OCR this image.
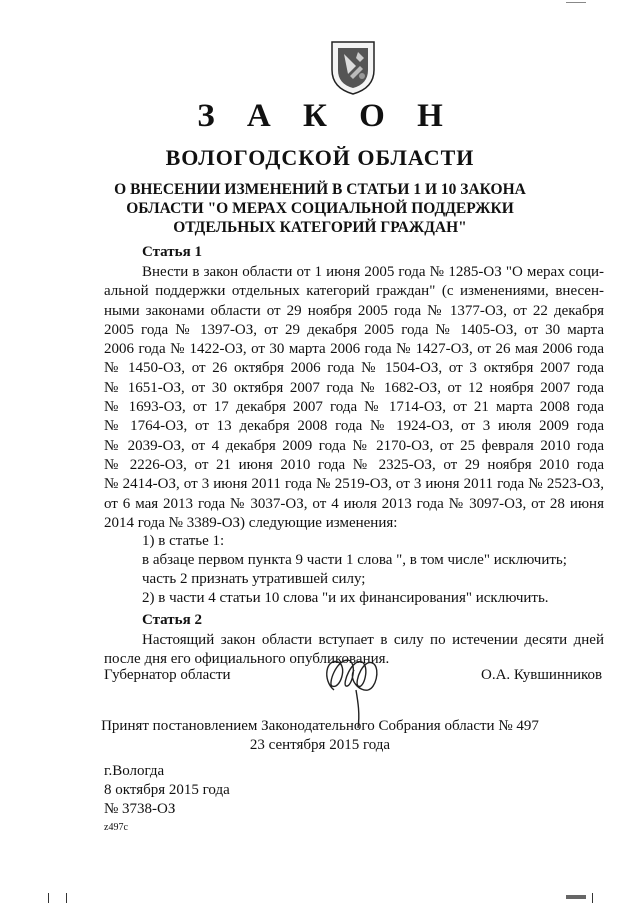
З А К О Н
ВОЛОГОДСКОЙ ОБЛАСТИ
О ВНЕСЕНИИ ИЗМЕНЕНИЙ В СТАТЬИ 1 И 10 ЗАКОНА
ОБЛАСТИ "О МЕРАХ СОЦИАЛЬНОЙ ПОДДЕРЖКИ
ОТДЕЛЬНЫХ КАТЕГОРИЙ ГРАЖДАН"
Статья 1
Внести в закон области от 1 июня 2005 года № 1285-ОЗ "О мерах соци-
альной поддержки отдельных категорий граждан" (с изменениями, внесен-
ными законами области от 29 ноября 2005 года № 1377-ОЗ, от 22 декабря
2005 года № 1397-ОЗ, от 29 декабря 2005 года № 1405-ОЗ, от 30 марта
2006 года № 1422-ОЗ, от 30 марта 2006 года № 1427-ОЗ, от 26 мая 2006 года
№ 1450-ОЗ, от 26 октября 2006 года № 1504-ОЗ, от 3 октября 2007 года
№ 1651-ОЗ, от 30 октября 2007 года № 1682-ОЗ, от 12 ноября 2007 года
№ 1693-ОЗ, от 17 декабря 2007 года № 1714-ОЗ, от 21 марта 2008 года
№ 1764-ОЗ, от 13 декабря 2008 года № 1924-ОЗ, от 3 июля 2009 года
№ 2039-ОЗ, от 4 декабря 2009 года № 2170-ОЗ, от 25 февраля 2010 года
№ 2226-ОЗ, от 21 июня 2010 года № 2325-ОЗ, от 29 ноября 2010 года
№ 2414-ОЗ, от 3 июня 2011 года № 2519-ОЗ, от 3 июня 2011 года № 2523-ОЗ,
от 6 мая 2013 года № 3037-ОЗ, от 4 июля 2013 года № 3097-ОЗ, от 28 июня
2014 года № 3389-ОЗ) следующие изменения:
1) в статье 1:
в абзаце первом пункта 9 части 1 слова ", в том числе" исключить;
часть 2 признать утратившей силу;
2) в части 4 статьи 10 слова "и их финансирования" исключить.
Статья 2
Настоящий закон области вступает в силу по истечении десяти дней
после дня его официального опубликования.
Губернатор области	О.А. Кувшинников
Принят постановлением Законодательного Собрания области № 497
23 сентября 2015 года
г.Вологда
8 октября 2015 года
№ 3738-ОЗ
z497c
